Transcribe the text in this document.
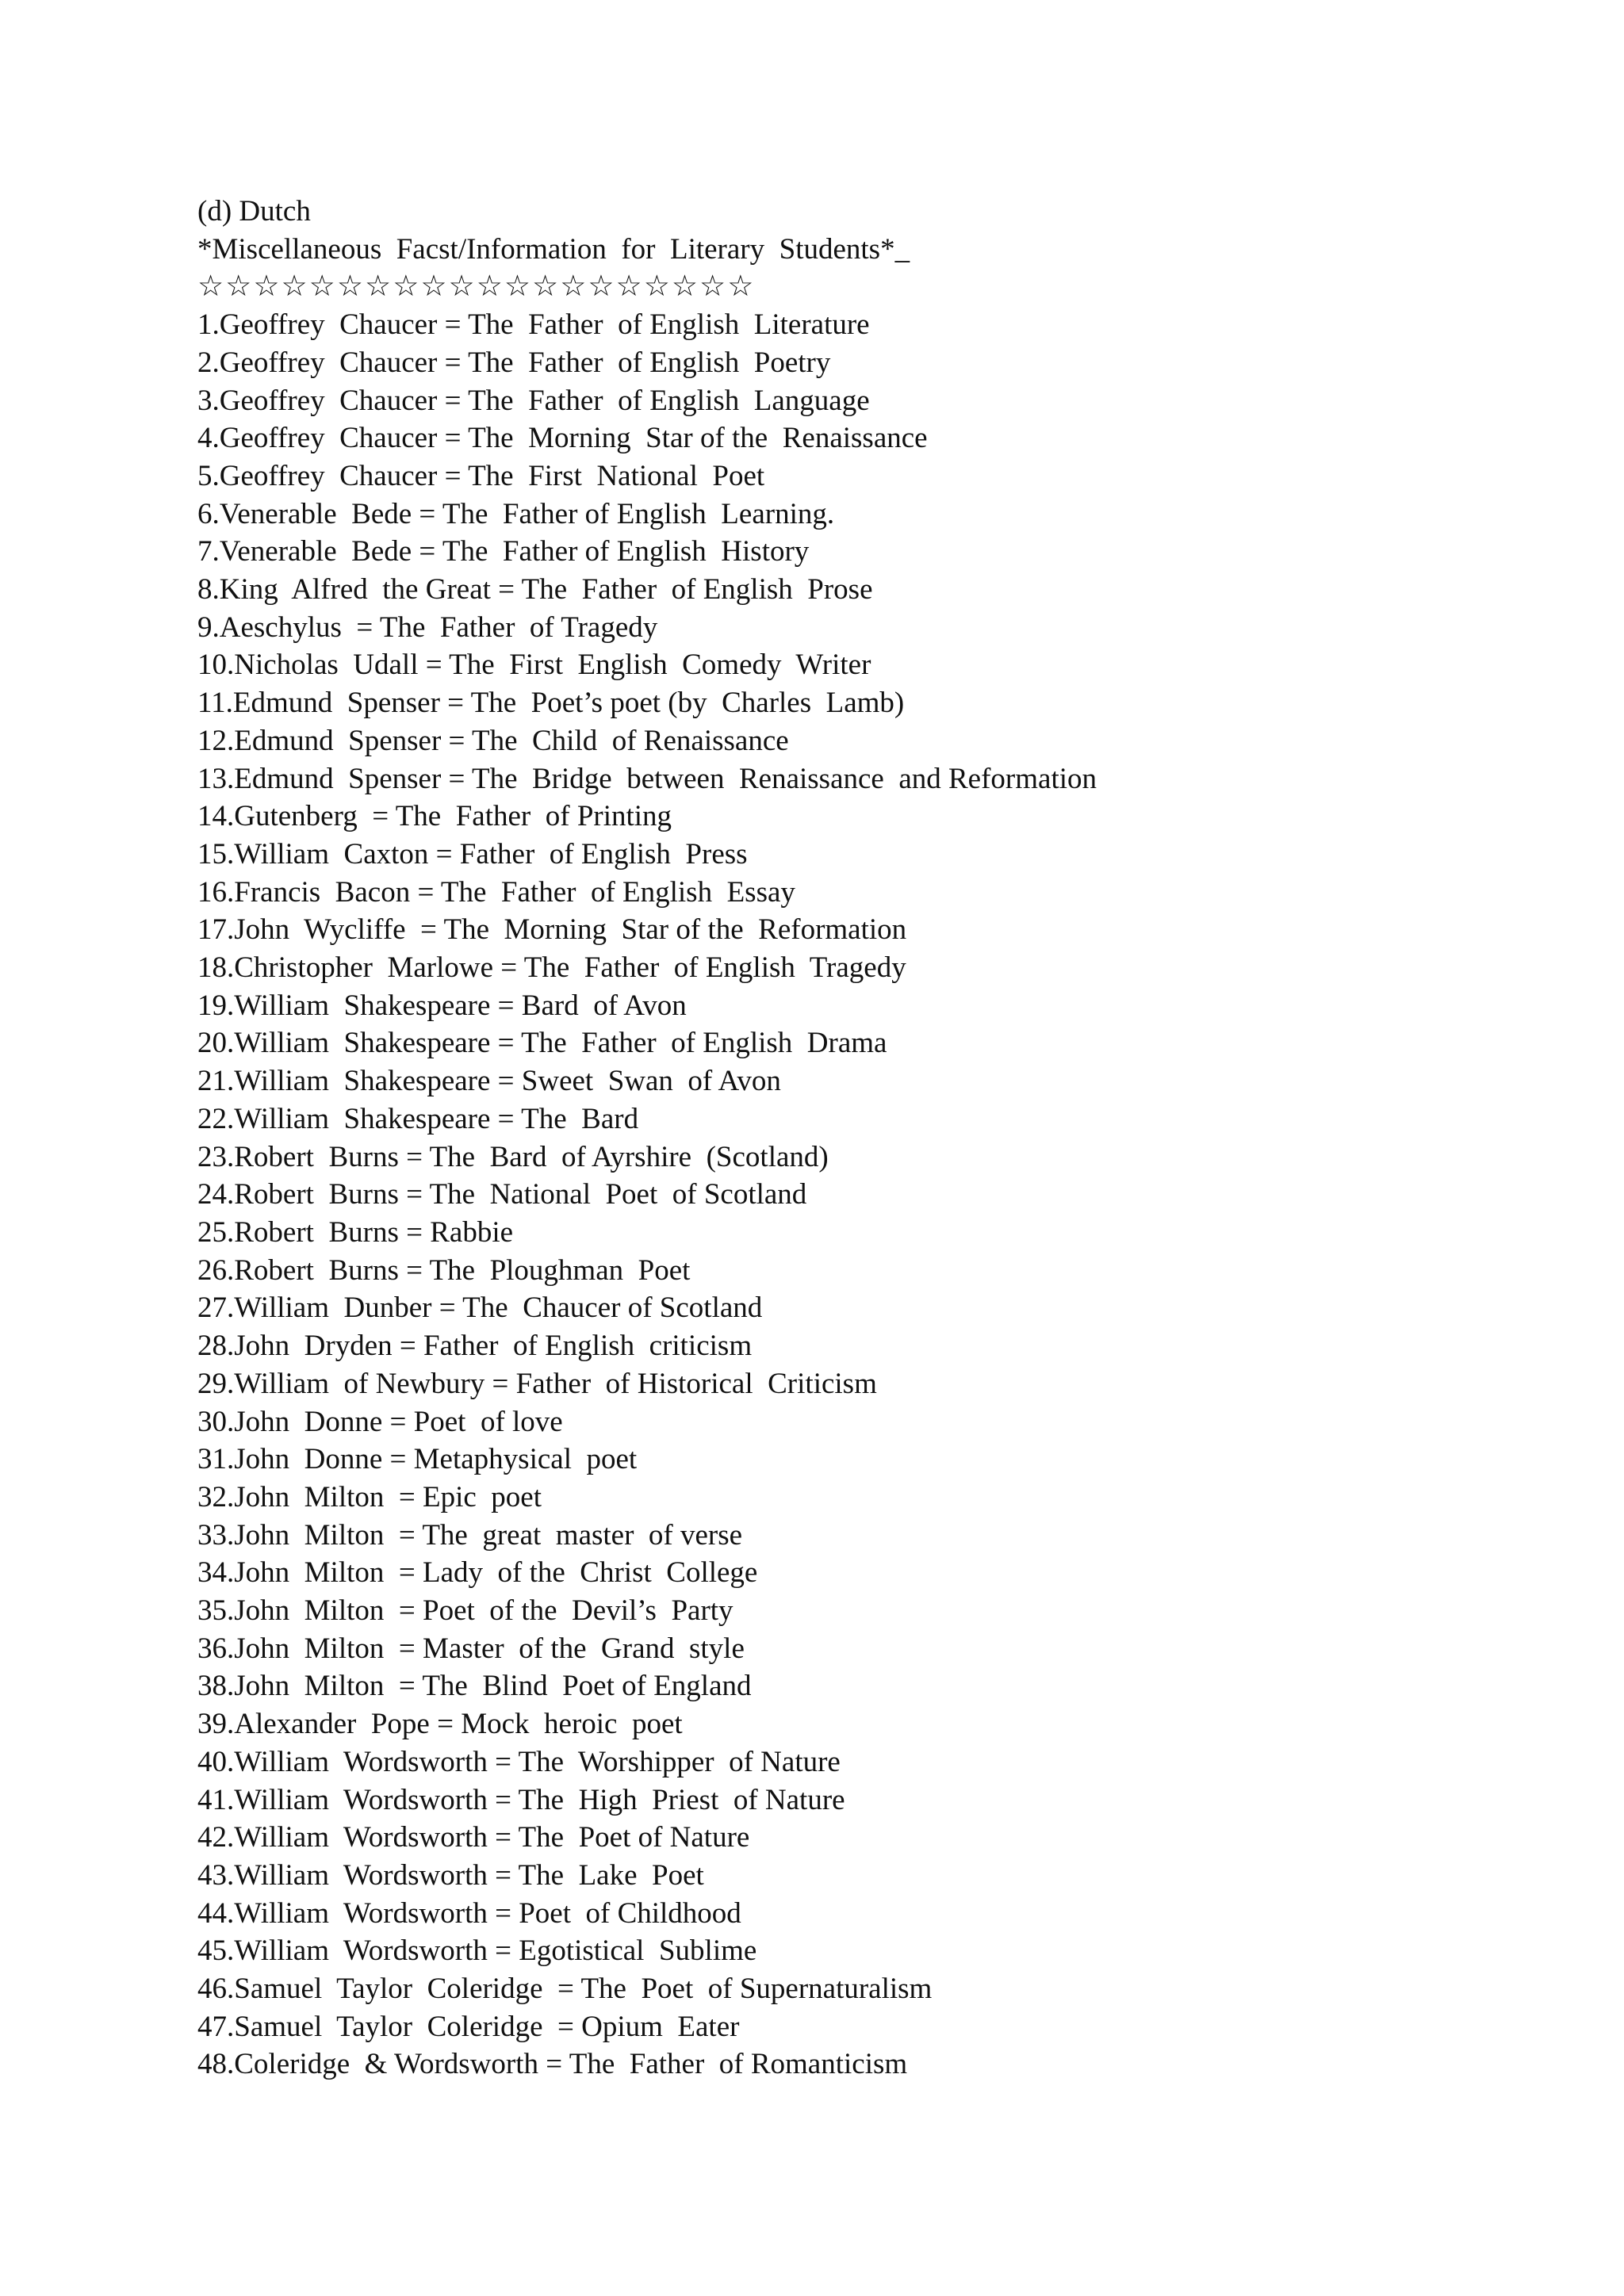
(d) Dutch
*Miscellaneous  Facst/Information  for  Literary  Students*_
☆☆☆☆☆☆☆☆☆☆☆☆☆☆☆☆☆☆☆☆
1.Geoffrey  Chaucer = The  Father  of English  Literature
2.Geoffrey  Chaucer = The  Father  of English  Poetry
3.Geoffrey  Chaucer = The  Father  of English  Language
4.Geoffrey  Chaucer = The  Morning  Star of the  Renaissance
5.Geoffrey  Chaucer = The  First  National  Poet
6.Venerable  Bede = The  Father of English  Learning.
7.Venerable  Bede = The  Father of English  History
8.King  Alfred  the Great = The  Father  of English  Prose
9.Aeschylus  = The  Father  of Tragedy
10.Nicholas  Udall = The  First  English  Comedy  Writer
11.Edmund  Spenser = The  Poet’s poet (by  Charles  Lamb)
12.Edmund  Spenser = The  Child  of Renaissance
13.Edmund  Spenser = The  Bridge  between  Renaissance  and Reformation
14.Gutenberg  = The  Father  of Printing
15.William  Caxton = Father  of English  Press
16.Francis  Bacon = The  Father  of English  Essay
17.John  Wycliffe  = The  Morning  Star of the  Reformation
18.Christopher  Marlowe = The  Father  of English  Tragedy
19.William  Shakespeare = Bard  of Avon
20.William  Shakespeare = The  Father  of English  Drama
21.William  Shakespeare = Sweet  Swan  of Avon
22.William  Shakespeare = The  Bard
23.Robert  Burns = The  Bard  of Ayrshire  (Scotland)
24.Robert  Burns = The  National  Poet  of Scotland
25.Robert  Burns = Rabbie
26.Robert  Burns = The  Ploughman  Poet
27.William  Dunber = The  Chaucer of Scotland
28.John  Dryden = Father  of English  criticism
29.William  of Newbury = Father  of Historical  Criticism
30.John  Donne = Poet  of love
31.John  Donne = Metaphysical  poet
32.John  Milton  = Epic  poet
33.John  Milton  = The  great  master  of verse
34.John  Milton  = Lady  of the  Christ  College
35.John  Milton  = Poet  of the  Devil’s  Party
36.John  Milton  = Master  of the  Grand  style
38.John  Milton  = The  Blind  Poet of England
39.Alexander  Pope = Mock  heroic  poet
40.William  Wordsworth = The  Worshipper  of Nature
41.William  Wordsworth = The  High  Priest  of Nature
42.William  Wordsworth = The  Poet of Nature
43.William  Wordsworth = The  Lake  Poet
44.William  Wordsworth = Poet  of Childhood
45.William  Wordsworth = Egotistical  Sublime
46.Samuel  Taylor  Coleridge  = The  Poet  of Supernaturalism
47.Samuel  Taylor  Coleridge  = Opium  Eater
48.Coleridge  & Wordsworth = The  Father  of Romanticism
